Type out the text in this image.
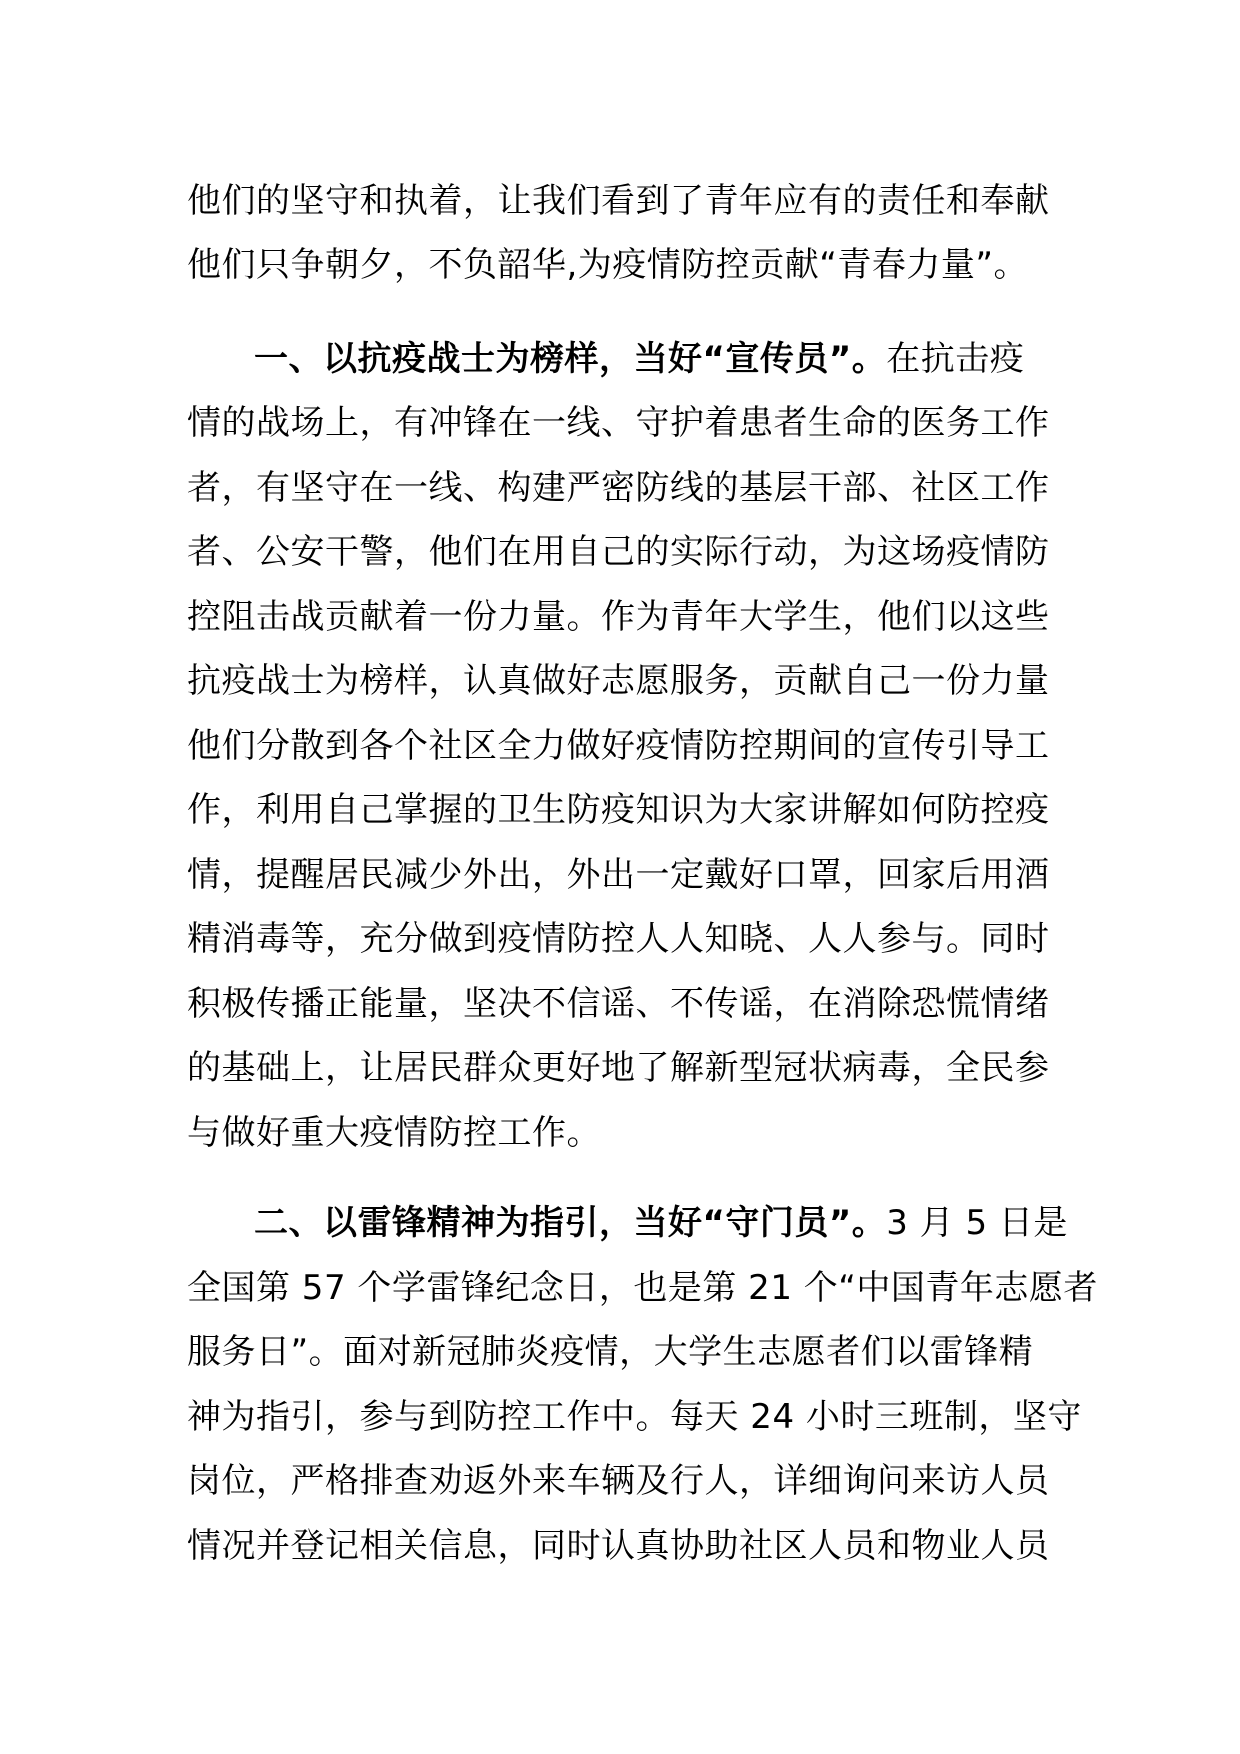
他们的坚守和执着，让我们看到了青年应有的责任和奉献
他们只争朝夕，不负韶华,为疫情防控贡献“青春力量”。
一、以抗疫战士为榜样，当好“宣传员”。在抗击疫
情的战场上，有冲锋在一线、守护着患者生命的医务工作
者，有坚守在一线、构建严密防线的基层干部、社区工作
者、公安干警，他们在用自己的实际行动，为这场疫情防
控阻击战贡献着一份力量。作为青年大学生，他们以这些
抗疫战士为榜样，认真做好志愿服务，贡献自己一份力量
他们分散到各个社区全力做好疫情防控期间的宣传引导工
作，利用自己掌握的卫生防疫知识为大家讲解如何防控疫
情，提醒居民减少外出，外出一定戴好口罩，回家后用酒
精消毒等，充分做到疫情防控人人知晓、人人参与。同时
积极传播正能量，坚决不信谣、不传谣，在消除恐慌情绪
的基础上，让居民群众更好地了解新型冠状病毒，全民参
与做好重大疫情防控工作。
二、以雷锋精神为指引，当好“守门员”。3 月 5 日是
全国第 57 个学雷锋纪念日，也是第 21 个“中国青年志愿者
服务日”。面对新冠肺炎疫情，大学生志愿者们以雷锋精
神为指引，参与到防控工作中。每天 24 小时三班制，坚守
岗位，严格排查劝返外来车辆及行人，详细询问来访人员
情况并登记相关信息，同时认真协助社区人员和物业人员
